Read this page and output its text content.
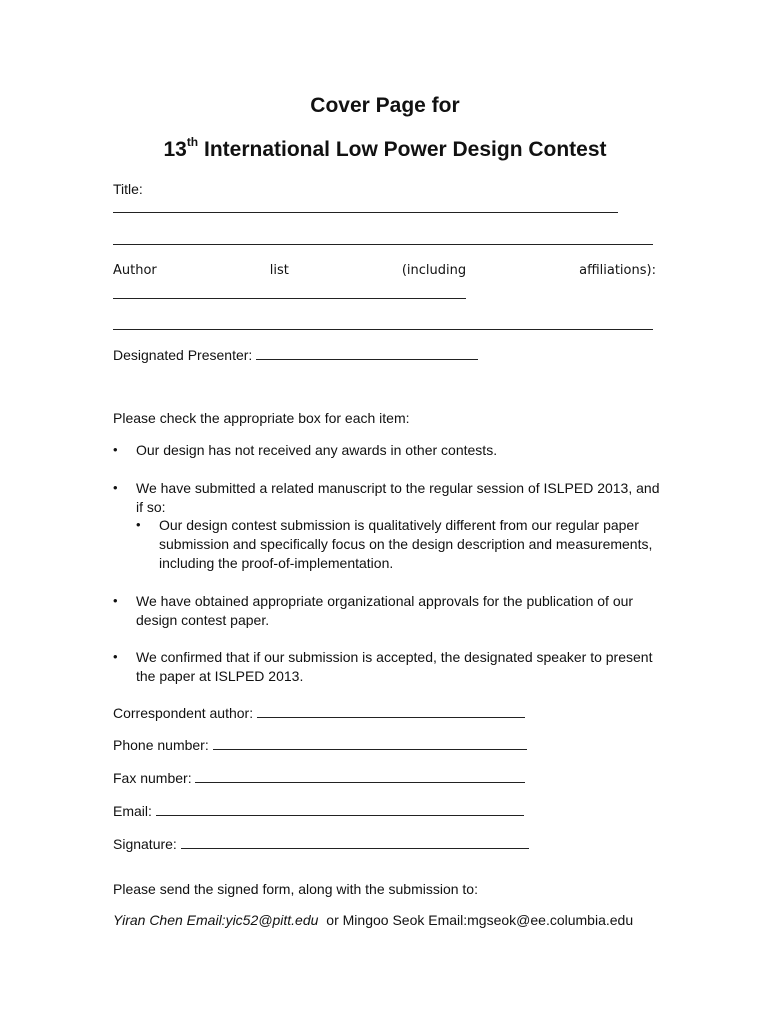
Cover Page for
13th International Low Power Design Contest
Title:
Author	list	(including	affiliations):
Designated Presenter:
Please check the appropriate box for each item:
• Our design has not received any awards in other contests.
• We have submitted a related manuscript to the regular session of ISLPED 2013, and
if so:
• Our design contest submission is qualitatively different from our regular paper
submission and specifically focus on the design description and measurements,
including the proof-of-implementation.
• We have obtained appropriate organizational approvals for the publication of our
design contest paper.
• We confirmed that if our submission is accepted, the designated speaker to present
the paper at ISLPED 2013.
Correspondent author:
Phone number:
Fax number:
Email:
Signature:
Please send the signed form, along with the submission to:
Yiran Chen Email:yic52@pitt.edu or Mingoo Seok Email:mgseok@ee.columbia.edu
